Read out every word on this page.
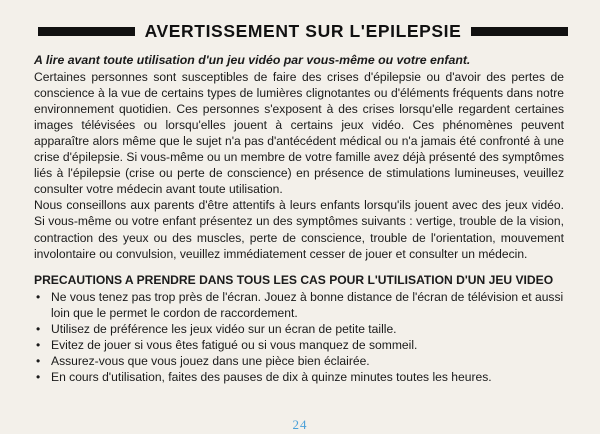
AVERTISSEMENT SUR L'EPILEPSIE

A lire avant toute utilisation d'un jeu vidéo par vous-même ou votre enfant.

Certaines personnes sont susceptibles de faire des crises d'épilepsie ou d'avoir des pertes de conscience à la vue de certains types de lumières clignotantes ou d'éléments fréquents dans notre environnement quotidien. Ces personnes s'exposent à des crises lorsqu'elle regardent certaines images télévisées ou lorsqu'elles jouent à certains jeux vidéo. Ces phénomènes peuvent apparaître alors même que le sujet n'a pas d'antécédent médical ou n'a jamais été confronté à une crise d'épilepsie. Si vous-même ou un membre de votre famille avez déjà présenté des symptômes liés à l'épilepsie (crise ou perte de conscience) en présence de stimulations lumineuses, veuillez consulter votre médecin avant toute utilisation.

Nous conseillons aux parents d'être attentifs à leurs enfants lorsqu'ils jouent avec des jeux vidéo. Si vous-même ou votre enfant présentez un des symptômes suivants : vertige, trouble de la vision, contraction des yeux ou des muscles, perte de conscience, trouble de l'orientation, mouvement involontaire ou convulsion, veuillez immédiatement cesser de jouer et consulter un médecin.

PRECAUTIONS A PRENDRE DANS TOUS LES CAS POUR L'UTILISATION D'UN JEU VIDEO
• Ne vous tenez pas trop près de l'écran. Jouez à bonne distance de l'écran de télévision et aussi loin que le permet le cordon de raccordement.
• Utilisez de préférence les jeux vidéo sur un écran de petite taille.
• Evitez de jouer si vous êtes fatigué ou si vous manquez de sommeil.
• Assurez-vous que vous jouez dans une pièce bien éclairée.
• En cours d'utilisation, faites des pauses de dix à quinze minutes toutes les heures.
24
